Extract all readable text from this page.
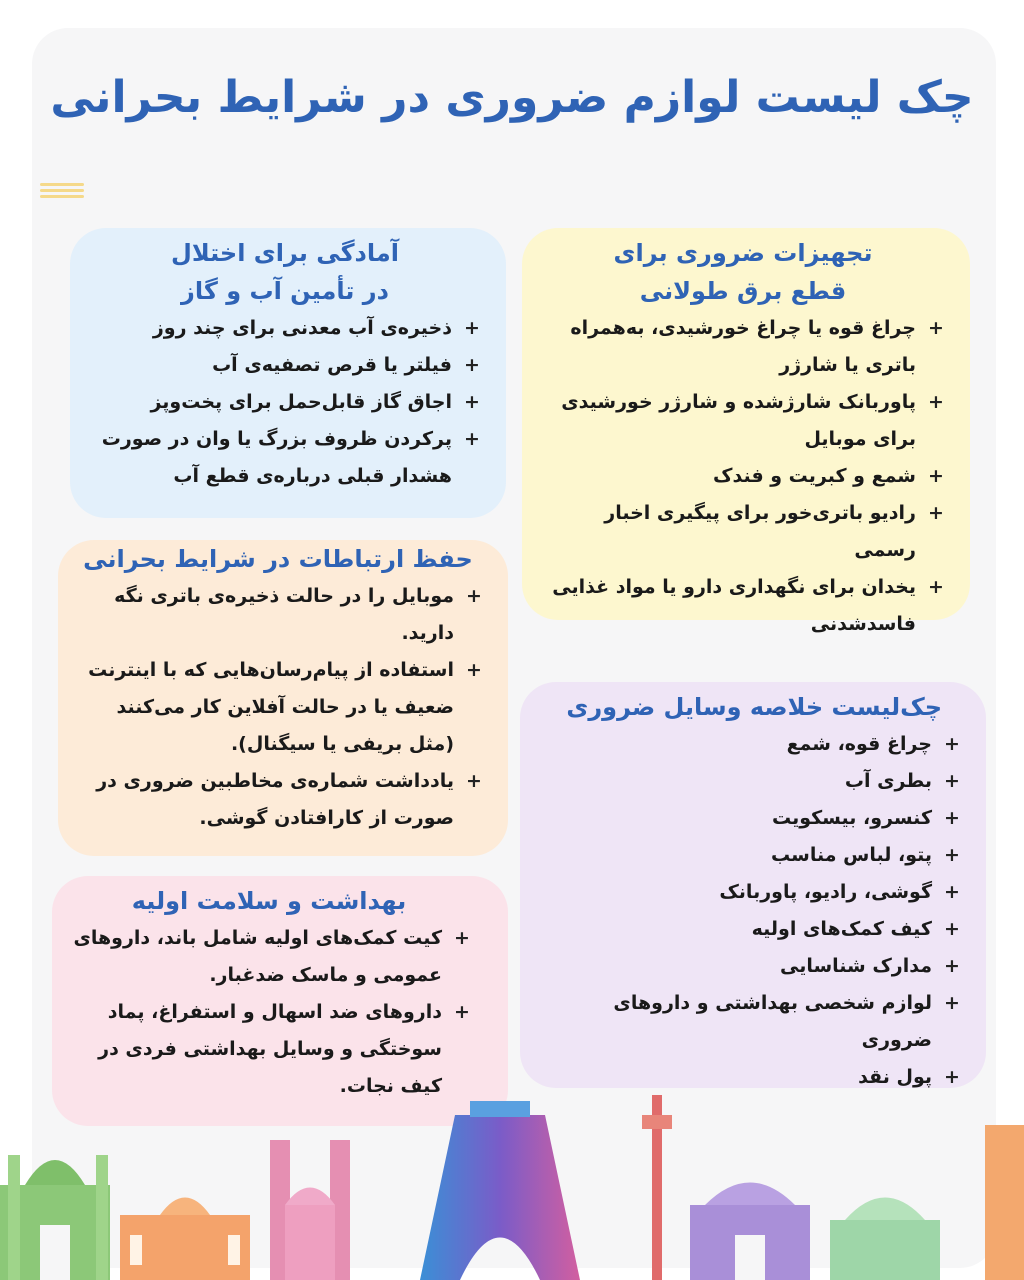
چک لیست لوازم ضروری در شرایط بحرانی
تجهیزات ضروری برای
قطع برق طولانی
+
چراغ قوه یا چراغ خورشیدی، به‌همراه باتری یا شارژر
+
پاوربانک شارژشده و شارژر خورشیدی برای موبایل
+
شمع و کبریت و فندک
+
رادیو باتری‌خور برای پیگیری اخبار رسمی
+
یخدان برای نگهداری دارو یا مواد غذایی فاسدشدنی
آمادگی برای اختلال
در تأمین آب و گاز
+
ذخیره‌ی آب معدنی برای چند روز
+
فیلتر یا قرص تصفیه‌ی آب
+
اجاق گاز قابل‌حمل برای پخت‌وپز
+
پرکردن ظروف بزرگ یا وان در صورت هشدار قبلی درباره‌ی قطع آب
حفظ ارتباطات در شرایط بحرانی
+
موبایل را در حالت ذخیره‌ی باتری نگه دارید.
+
استفاده از پیام‌رسان‌هایی که با اینترنت ضعیف یا در حالت آفلاین کار می‌کنند (مثل بریفی یا سیگنال).
+
یادداشت شماره‌ی مخاطبین ضروری در صورت از کارافتادن گوشی.
بهداشت و سلامت اولیه
+
کیت کمک‌های اولیه شامل باند، داروهای عمومی و ماسک ضدغبار.
+
داروهای ضد اسهال و استفراغ، پماد سوختگی و وسایل بهداشتی فردی در کیف نجات.
چک‌لیست خلاصه وسایل ضروری
+
چراغ قوه، شمع
+
بطری آب
+
کنسرو، بیسکویت
+
پتو، لباس مناسب
+
گوشی، رادیو، پاوربانک
+
کیف کمک‌های اولیه
+
مدارک شناسایی
+
لوازم شخصی بهداشتی و داروهای ضروری
+
پول نقد
